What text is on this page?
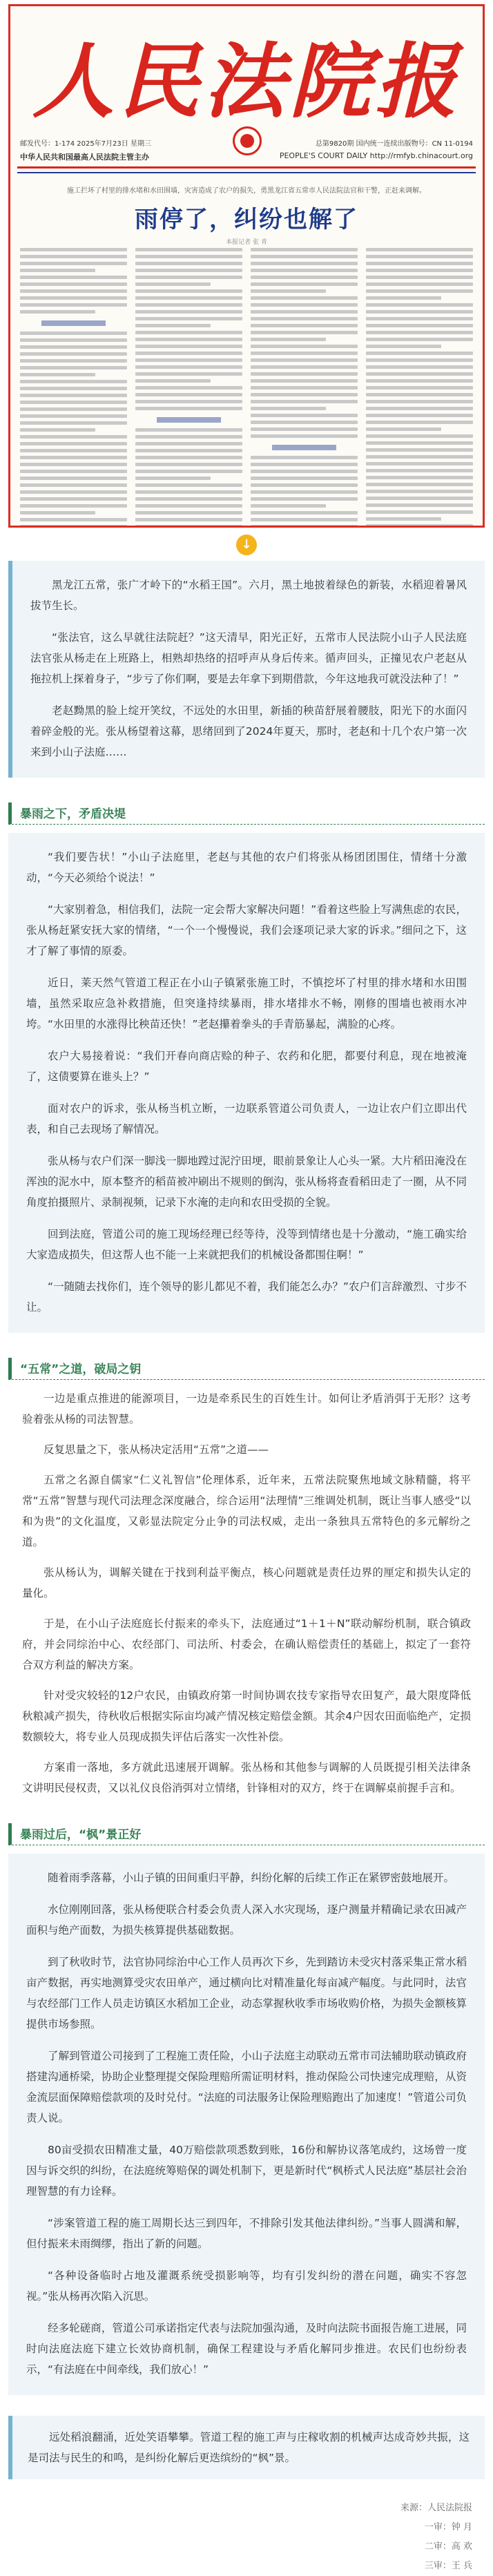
人民法院报
邮发代号：1-174 2025年7月23日 星期三
中华人民共和国最高人民法院主管主办
总第9820期 国内统一连续出版物号：CN 11-0194
PEOPLE'S COURT DAILY http://rmfyb.chinacourt.org
施工拦坏了村里的排水堵和水田围墙，灾害造成了农户的损失，勇黑龙江省五常市人民法院法官和干警，正赶来调解。
雨停了，纠纷也解了
本报记者 张 青
↓

黑龙江五常，张广才岭下的“水稻王国”。六月，黑土地披着绿色的新装，水稻迎着暑风拔节生长。

“张法官，这么早就往法院赶？”这天清早，阳光正好，五常市人民法院小山子人民法庭法官张从杨走在上班路上，相熟却热络的招呼声从身后传来。循声回头，正撞见农户老赵从拖拉机上探着身子，“步亏了你们啊，要是去年拿下到期借款，今年这地我可就没法种了！”

老赵黝黑的脸上绽开笑纹，不远处的水田里，新插的秧苗舒展着腰肢，阳光下的水面闪着碎金般的光。张从杨望着这幕，思绪回到了2024年夏天，那时，老赵和十几个农户第一次来到小山子法庭……

暴雨之下，矛盾决堤

“我们要告状！”小山子法庭里，老赵与其他的农户们将张从杨团团围住，情绪十分激动，“今天必须给个说法！”

“大家别着急，相信我们，法院一定会帮大家解决问题！”看着这些脸上写满焦虑的农民，张从杨赶紧安抚大家的情绪，“一个一个慢慢说，我们会逐项记录大家的诉求。”细问之下，这才了解了事情的原委。

近日，莱天然气管道工程正在小山子镇紧张施工时，不慎挖坏了村里的排水堵和水田围墙，虽然采取应急补救措施，但突逢持续暴雨，排水堵排水不畅，刚修的围墙也被雨水冲垮。“水田里的水涨得比秧苗还快！”老赵攥着拳头的手青筋暴起，满脸的心疼。

农户大易接着说：“我们开春向商店赊的种子、农药和化肥，都要付利息，现在地被淹了，这债要算在谁头上？”

面对农户的诉求，张从杨当机立断，一边联系管道公司负责人，一边让农户们立即出代表，和自己去现场了解情况。

张从杨与农户们深一脚浅一脚地蹚过泥泞田埂，眼前景象让人心头一紧。大片稻田淹没在浑浊的泥水中，原本整齐的稻苗被冲刷出不规则的倒沟，张从杨将查看稻田走了一圈，从不同角度拍摄照片、录制视频，记录下水淹的走向和农田受损的全貌。

回到法庭，管道公司的施工现场经理已经等待，没等到情绪也是十分激动，“施工确实给大家造成损失，但这帮人也不能一上来就把我们的机械设备都围住啊！”

“一随随去找你们，连个领导的影儿都见不着，我们能怎么办？”农户们言辞激烈、寸步不让。

“五常”之道，破局之钥

一边是重点推进的能源项目，一边是牵系民生的百姓生计。如何让矛盾消弭于无形？这考验着张从杨的司法智慧。

反复思量之下，张从杨决定活用“五常”之道——

五常之名源自儒家“仁义礼智信”伦理体系，近年来，五常法院聚焦地域文脉精髓，将平常“五常”智慧与现代司法理念深度融合，综合运用“法理情”三维调处机制，既让当事人感受“以和为贵”的文化温度，又彰显法院定分止争的司法权威，走出一条独具五常特色的多元解纷之道。

张从杨认为，调解关键在于找到利益平衡点，核心问题就是责任边界的厘定和损失认定的量化。

于是，在小山子法庭庭长付振来的牵头下，法庭通过“1＋1＋N”联动解纷机制，联合镇政府，并会同综治中心、农经部门、司法所、村委会，在确认赔偿责任的基础上，拟定了一套符合双方利益的解决方案。

针对受灾较轻的12户农民，由镇政府第一时间协调农技专家指导农田复产，最大限度降低秋粮减产损失，待秋收后根据实际亩均减产情况核定赔偿金额。其余4户因农田面临绝产，定损数额较大，将专业人员现成损失评估后落实一次性补偿。

方案甫一落地，多方就此迅速展开调解。张丛杨和其他参与调解的人员既提引相关法律条文讲明民侵权责，又以礼仪良俗消弭对立情绪，针锋相对的双方，终于在调解桌前握手言和。

暴雨过后，“枫”景正好

随着雨季落幕，小山子镇的田间重归平静，纠纷化解的后续工作正在紧锣密鼓地展开。

水位刚刚回落，张从杨便联合村委会负责人深入水灾现场，逐户测量并精确记录农田减产面积与绝产面数，为损失核算提供基础数据。

到了秋收时节，法官协同综治中心工作人员再次下乡，先到踏访未受灾村落采集正常水稻亩产数据，再实地测算受灾农田单产，通过横向比对精准量化每亩减产幅度。与此同时，法官与农经部门工作人员走访镇区水稻加工企业，动态掌握秋收季市场收购价格，为损失金额核算提供市场参照。

了解到管道公司接到了工程施工责任险，小山子法庭主动联动五常市司法辅助联动镇政府搭建沟通桥梁，协助企业整理提交保险理赔所需证明材料，推动保险公司快速完成理赔，从资金流层面保障赔偿款项的及时兑付。“法庭的司法服务让保险理赔跑出了加速度！”管道公司负责人说。

80亩受损农田精准丈量，40万赔偿款项悉数到账，16份和解协议落笔成约，这场曾一度因与诉交织的纠纷，在法庭统筹赔保的调处机制下，更是新时代“枫桥式人民法庭”基层社会治理智慧的有力诠释。

“涉案管道工程的施工周期长达三到四年，不排除引发其他法律纠纷。”当事人圆满和解，但付振来未雨绸缪，指出了新的问题。

“各种设备临时占地及灌溉系统受损影响等，均有引发纠纷的潜在问题，确实不容忽视。”张从杨再次陷入沉思。

经多轮磋商，管道公司承诺指定代表与法院加强沟通，及时向法院书面报告施工进展，同时向法庭法庭下建立长效协商机制，确保工程建设与矛盾化解同步推进。农民们也纷纷表示，“有法庭在中间牵线，我们放心！”

远处稻浪翻涌，近处笑语攀攀。管道工程的施工声与庄稼收割的机械声达成奇妙共振，这是司法与民生的和鸣，是纠纷化解后更迭缤纷的“枫”景。

来源：人民法院报
一审：钟 月
二审：高 欢
三审：王 兵
